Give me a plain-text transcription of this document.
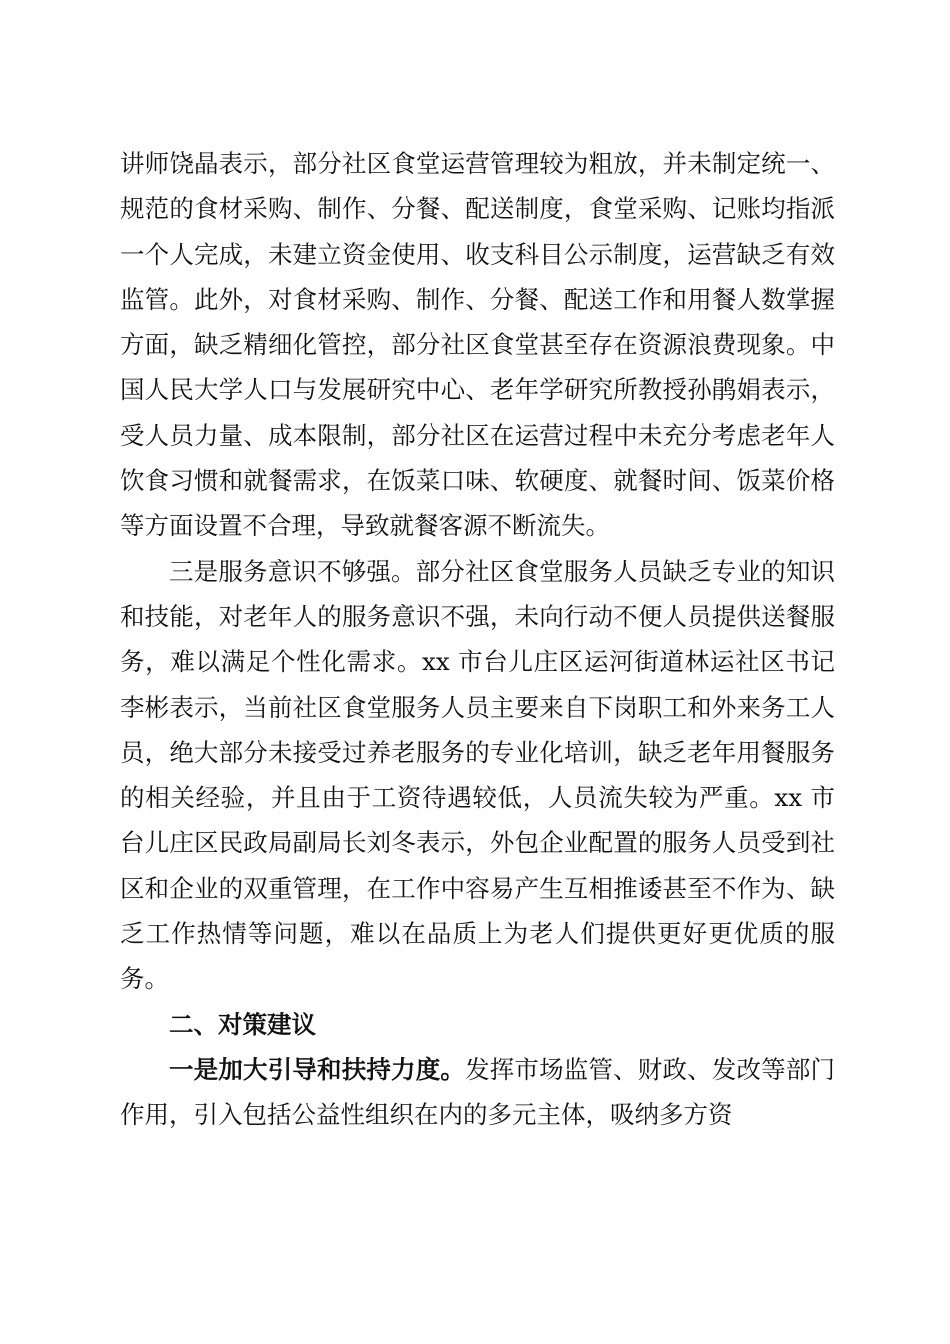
讲师饶晶表示，部分社区食堂运营管理较为粗放，并未制定统一、规范的食材采购、制作、分餐、配送制度，食堂采购、记账均指派一个人完成，未建立资金使用、收支科目公示制度，运营缺乏有效监管。此外，对食材采购、制作、分餐、配送工作和用餐人数掌握方面，缺乏精细化管控，部分社区食堂甚至存在资源浪费现象。中国人民大学人口与发展研究中心、老年学研究所教授孙鹃娟表示，受人员力量、成本限制，部分社区在运营过程中未充分考虑老年人饮食习惯和就餐需求，在饭菜口味、软硬度、就餐时间、饭菜价格等方面设置不合理，导致就餐客源不断流失。

三是服务意识不够强。部分社区食堂服务人员缺乏专业的知识和技能，对老年人的服务意识不强，未向行动不便人员提供送餐服务，难以满足个性化需求。xx 市台儿庄区运河街道林运社区书记李彬表示，当前社区食堂服务人员主要来自下岗职工和外来务工人员，绝大部分未接受过养老服务的专业化培训，缺乏老年用餐服务的相关经验，并且由于工资待遇较低，人员流失较为严重。xx 市台儿庄区民政局副局长刘冬表示，外包企业配置的服务人员受到社区和企业的双重管理，在工作中容易产生互相推诿甚至不作为、缺乏工作热情等问题，难以在品质上为老人们提供更好更优质的服务。

二、对策建议

一是加大引导和扶持力度。发挥市场监管、财政、发改等部门作用，引入包括公益性组织在内的多元主体，吸纳多方资
